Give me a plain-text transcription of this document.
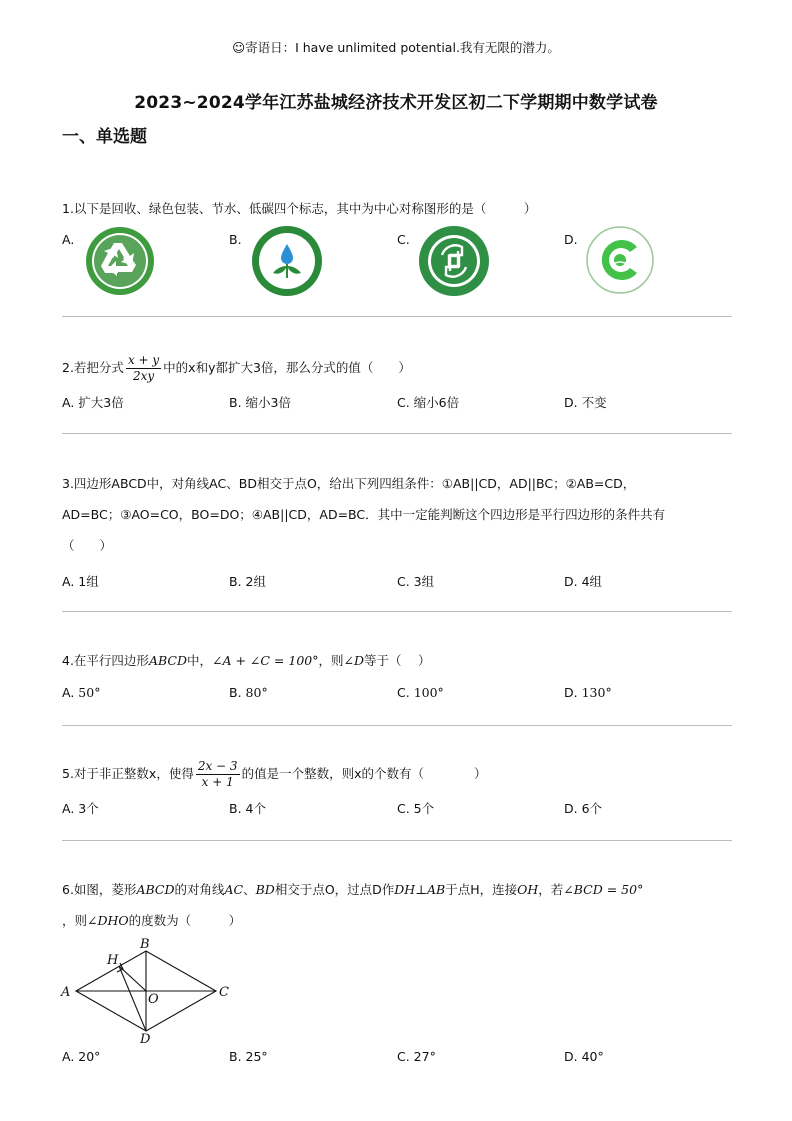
☺寄语日：I have unlimited potential.我有无限的潜力。
2023~2024学年江苏盐城经济技术开发区初二下学期期中数学试卷
一、单选题
1.以下是回收、绿色包装、节水、低碳四个标志，其中为中心对称图形的是（　　　）
A.	B.	C.	D.
2.若把分式 $\frac{x + y}{2xy}$ 中的x和y都扩大3倍，那么分式的值（　　）
A. 扩大3倍	B. 缩小3倍	C. 缩小6倍	D. 不变
3.四边形ABCD中，对角线AC、BD相交于点O，给出下列四组条件：①AB||CD，AD||BC；②AB=CD，
AD=BC；③AO=CO，BO=DO；④AB||CD，AD=BC．其中一定能判断这个四边形是平行四边形的条件共有
（　　）
A. 1组	B. 2组	C. 3组	D. 4组
4.在平行四边形ABCD中，∠A + ∠C = 100°，则∠D等于（　 ）
A. 50°	B. 80°	C. 100°	D. 130°
5.对于非正整数x，使得 $\frac{2x - 3}{x + 1}$ 的值是一个整数，则x的个数有（　　　　）
A. 3个	B. 4个	C. 5个	D. 6个
6.如图，菱形ABCD的对角线AC、BD相交于点O，过点D作DH⊥AB于点H，连接OH，若∠BCD = 50°
，则∠DHO的度数为（　　　）
A
B
C
D
H
O
A. 20°	B. 25°	C. 27°	D. 40°
